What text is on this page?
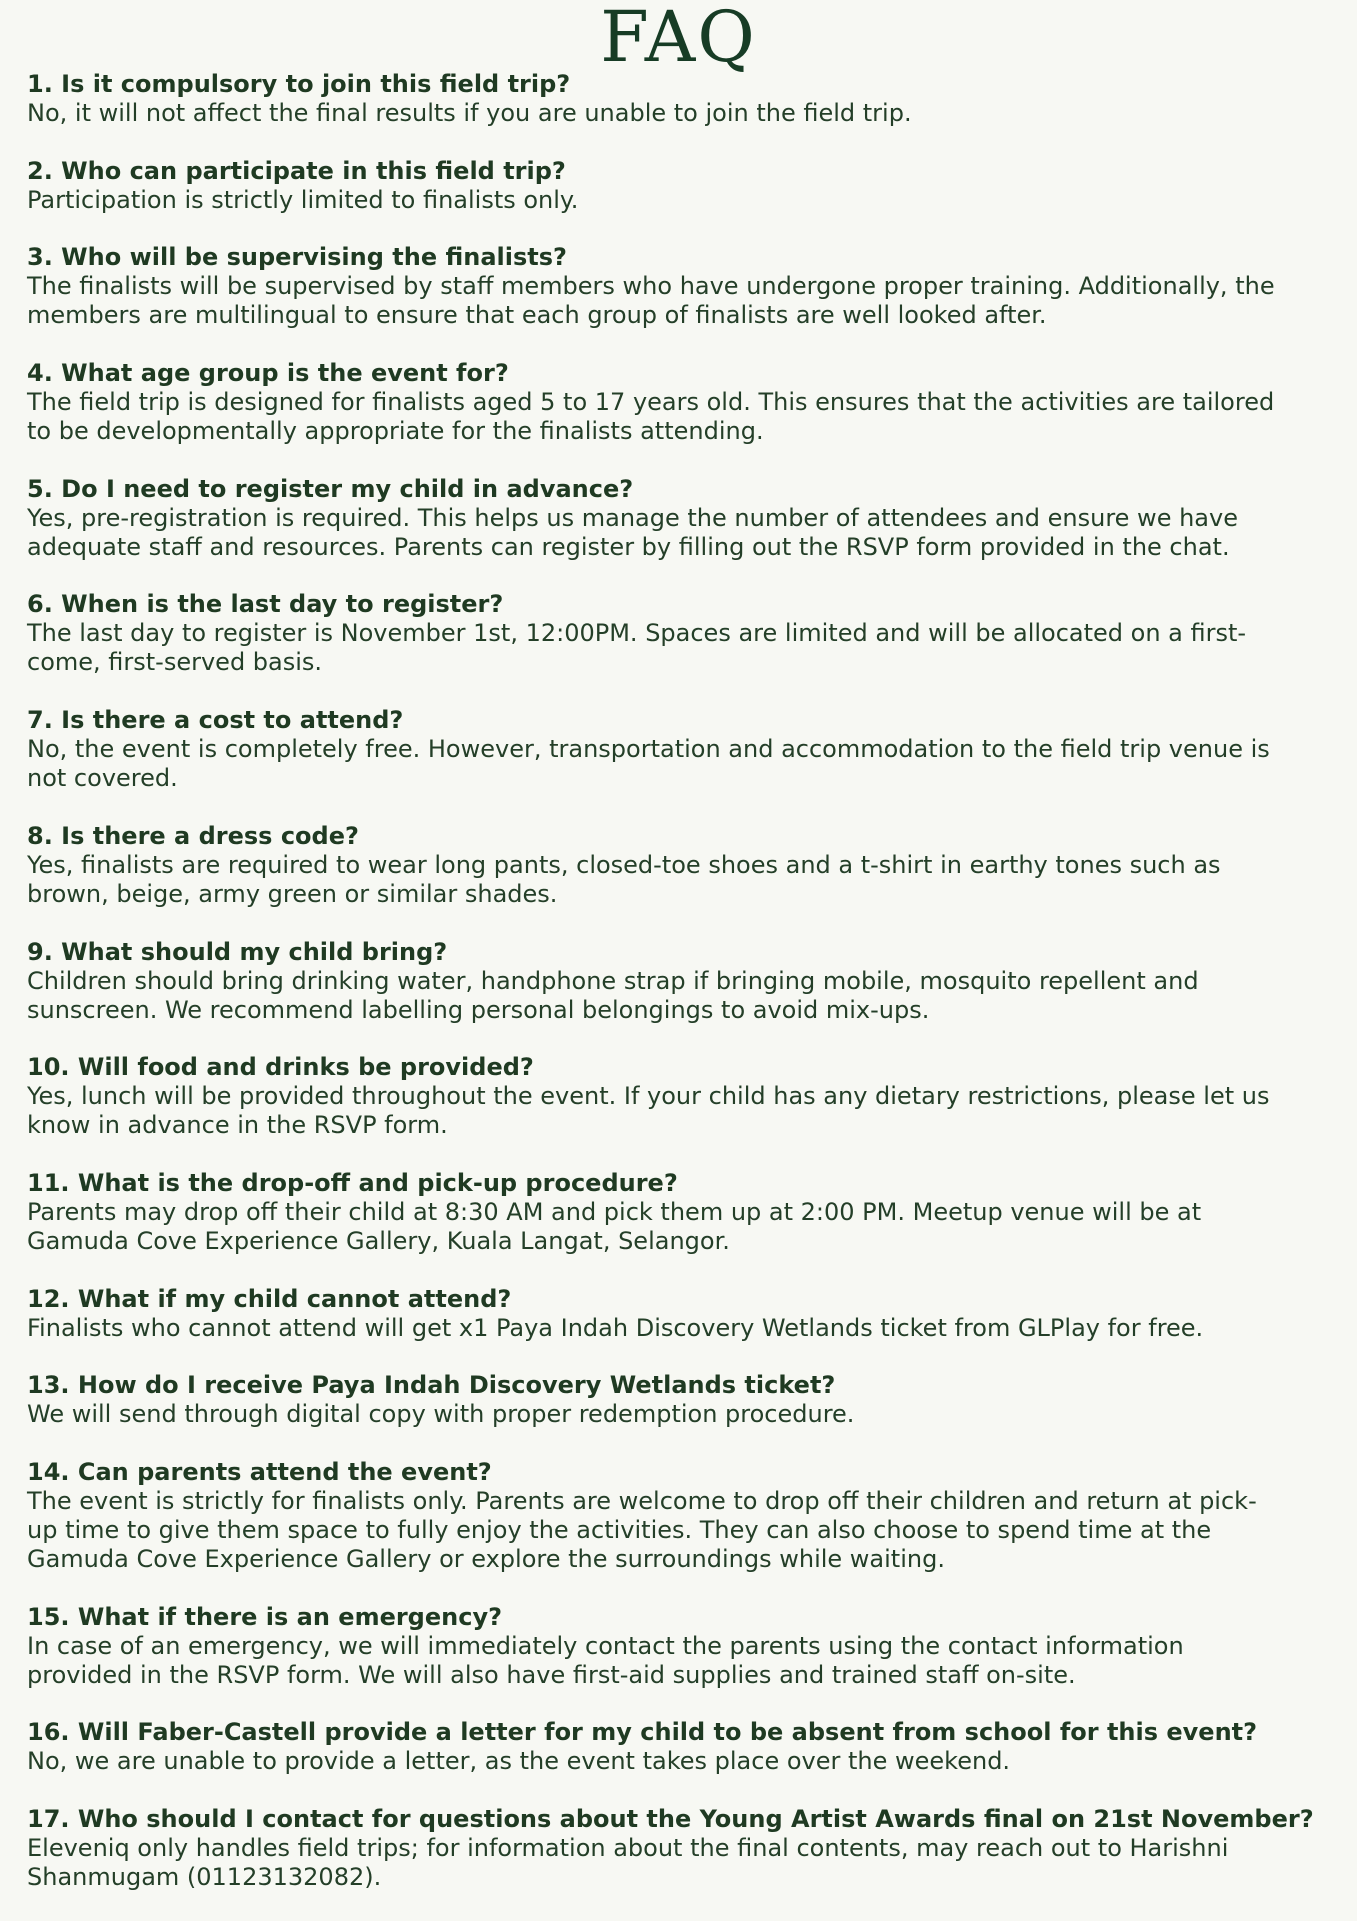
FAQ
1. Is it compulsory to join this field trip?
No, it will not affect the final results if you are unable to join the field trip.
2. Who can participate in this field trip?
Participation is strictly limited to finalists only.
3. Who will be supervising the finalists?
The finalists will be supervised by staff members who have undergone proper training. Additionally, the
members are multilingual to ensure that each group of finalists are well looked after.
4. What age group is the event for?
The field trip is designed for finalists aged 5 to 17 years old. This ensures that the activities are tailored
to be developmentally appropriate for the finalists attending.
5. Do I need to register my child in advance?
Yes, pre-registration is required. This helps us manage the number of attendees and ensure we have
adequate staff and resources. Parents can register by filling out the RSVP form provided in the chat.
6. When is the last day to register?
The last day to register is November 1st, 12:00PM. Spaces are limited and will be allocated on a first-
come, first-served basis.
7. Is there a cost to attend?
No, the event is completely free. However, transportation and accommodation to the field trip venue is
not covered.
8. Is there a dress code?
Yes, finalists are required to wear long pants, closed-toe shoes and a t-shirt in earthy tones such as
brown, beige, army green or similar shades.
9. What should my child bring?
Children should bring drinking water, handphone strap if bringing mobile, mosquito repellent and
sunscreen. We recommend labelling personal belongings to avoid mix-ups.
10. Will food and drinks be provided?
Yes, lunch will be provided throughout the event. If your child has any dietary restrictions, please let us
know in advance in the RSVP form.
11. What is the drop-off and pick-up procedure?
Parents may drop off their child at 8:30 AM and pick them up at 2:00 PM. Meetup venue will be at
Gamuda Cove Experience Gallery, Kuala Langat, Selangor.
12. What if my child cannot attend?
Finalists who cannot attend will get x1 Paya Indah Discovery Wetlands ticket from GLPlay for free.
13. How do I receive Paya Indah Discovery Wetlands ticket?
We will send through digital copy with proper redemption procedure.
14. Can parents attend the event?
The event is strictly for finalists only. Parents are welcome to drop off their children and return at pick-
up time to give them space to fully enjoy the activities. They can also choose to spend time at the
Gamuda Cove Experience Gallery or explore the surroundings while waiting.
15. What if there is an emergency?
In case of an emergency, we will immediately contact the parents using the contact information
provided in the RSVP form. We will also have first-aid supplies and trained staff on-site.
16. Will Faber-Castell provide a letter for my child to be absent from school for this event?
No, we are unable to provide a letter, as the event takes place over the weekend.
17. Who should I contact for questions about the Young Artist Awards final on 21st November?
Eleveniq only handles field trips; for information about the final contents, may reach out to Harishni
Shanmugam (01123132082).
